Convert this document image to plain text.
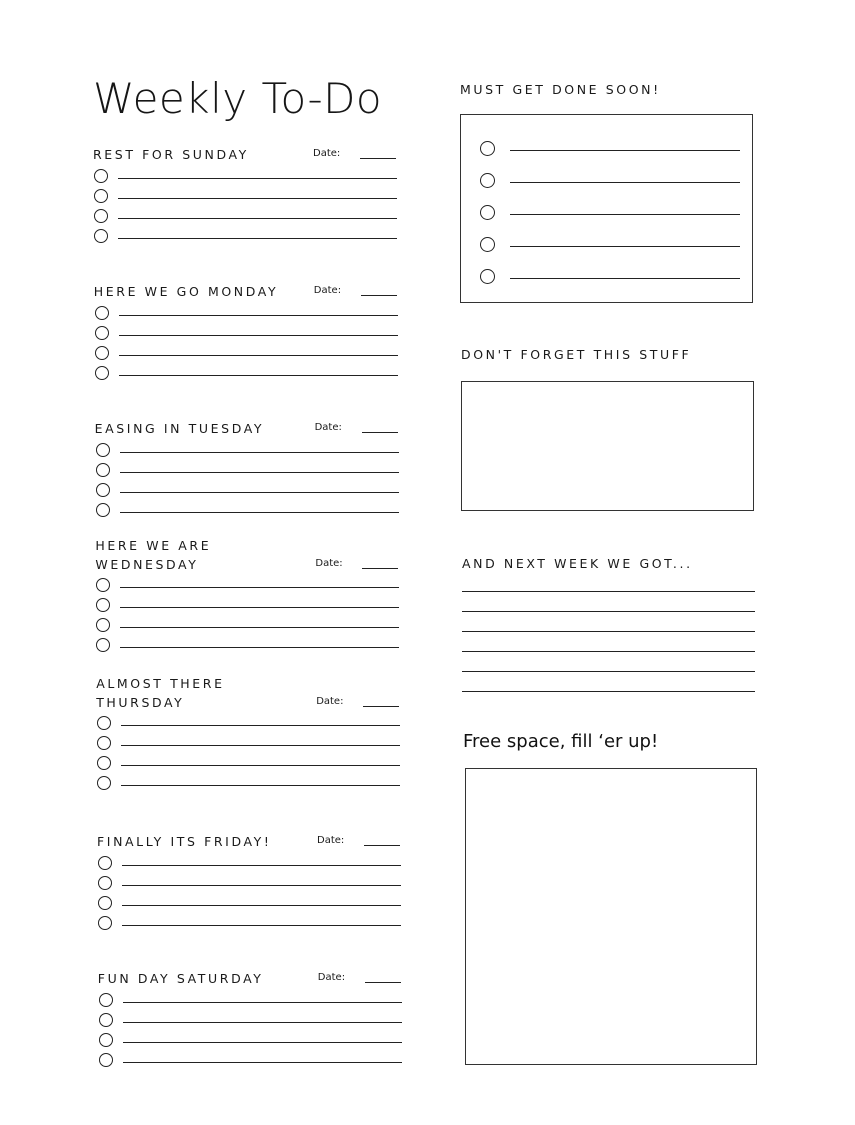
Weekly To-Do
REST FOR SUNDAY	Date:
HERE WE GO MONDAY	Date:
EASING IN TUESDAY	Date:
HERE WE ARE WEDNESDAY	Date:
ALMOST THERE THURSDAY	Date:
FINALLY ITS FRIDAY!	Date:
FUN DAY SATURDAY	Date:
MUST GET DONE SOON!
DON'T FORGET THIS STUFF
AND NEXT WEEK WE GOT...
Free space, fill ‘er up!
